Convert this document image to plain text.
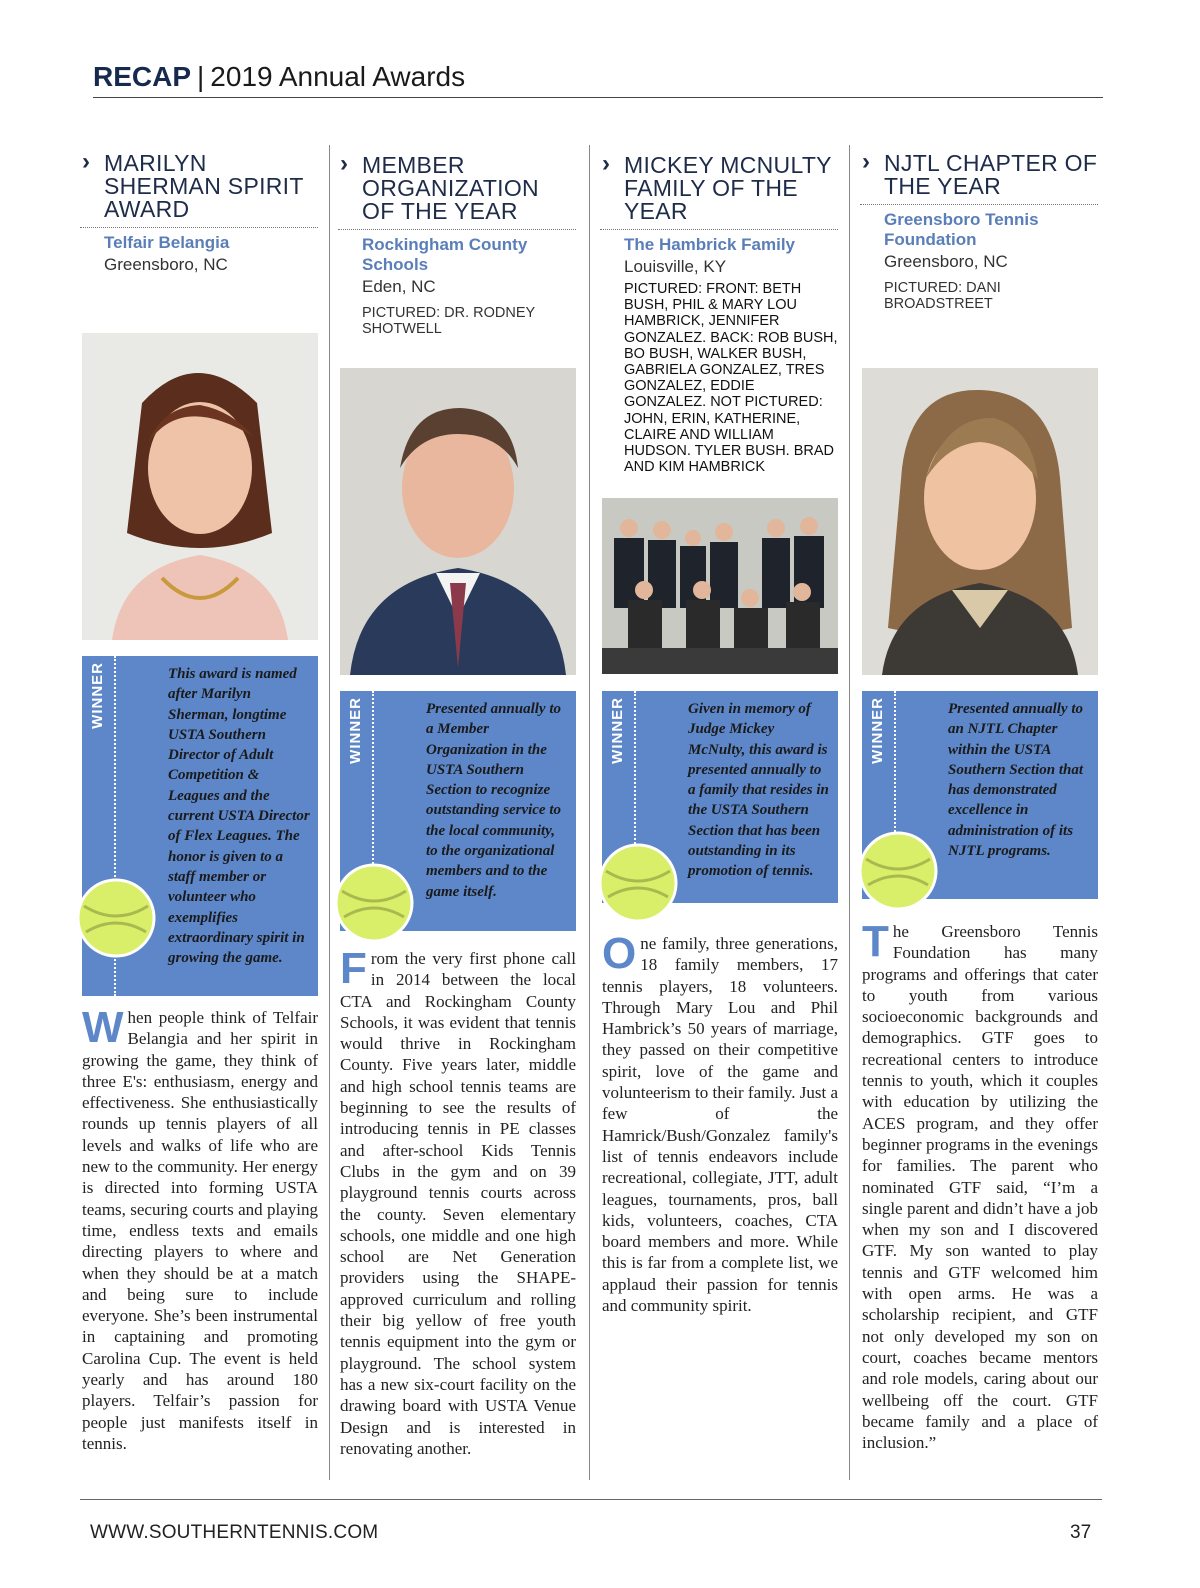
RECAP | 2019 Annual Awards
› MARILYN SHERMAN SPIRIT AWARD
Telfair Belangia
Greensboro, NC
WINNER	This award is named after Marilyn Sherman, longtime USTA Southern Director of Adult Competition & Leagues and the current USTA Director of Flex Leagues. The honor is given to a staff member or volunteer who exemplifies extraordinary spirit in growing the game.
When people think of Telfair Belangia and her spirit in growing the game, they think of three E's: enthusiasm, energy and effectiveness. She enthusiastically rounds up tennis players of all levels and walks of life who are new to the community. Her energy is directed into forming USTA teams, securing courts and playing time, endless texts and emails directing players to where and when they should be at a match and being sure to include everyone. She’s been instrumental in captaining and promoting Carolina Cup. The event is held yearly and has around 180 players. Telfair’s passion for people just manifests itself in tennis.
› MEMBER ORGANIZATION OF THE YEAR
Rockingham County Schools
Eden, NC
PICTURED: DR. RODNEY SHOTWELL
WINNER	Presented annually to a Member Organization in the USTA Southern Section to recognize outstanding service to the local community, to the organizational members and to the game itself.
From the very first phone call in 2014 between the local CTA and Rockingham County Schools, it was evident that tennis would thrive in Rockingham County. Five years later, middle and high school tennis teams are beginning to see the results of introducing tennis in PE classes and after-school Kids Tennis Clubs in the gym and on 39 playground tennis courts across the county. Seven elementary schools, one middle and one high school are Net Generation providers using the SHAPE-approved curriculum and rolling their big yellow of free youth tennis equipment into the gym or playground. The school system has a new six-court facility on the drawing board with USTA Venue Design and is interested in renovating another.
› MICKEY MCNULTY FAMILY OF THE YEAR
The Hambrick Family
Louisville, KY
PICTURED: FRONT: BETH BUSH, PHIL & MARY LOU HAMBRICK, JENNIFER GONZALEZ. BACK: ROB BUSH, BO BUSH, WALKER BUSH, GABRIELA GONZALEZ, TRES GONZALEZ, EDDIE GONZALEZ. NOT PICTURED: JOHN, ERIN, KATHERINE, CLAIRE AND WILLIAM HUDSON. TYLER BUSH. BRAD AND KIM HAMBRICK
WINNER	Given in memory of Judge Mickey McNulty, this award is presented annually to a family that resides in the USTA Southern Section that has been outstanding in its promotion of tennis.
One family, three generations, 18 family members, 17 tennis players, 18 volunteers. Through Mary Lou and Phil Hambrick’s 50 years of marriage, they passed on their competitive spirit, love of the game and volunteerism to their family. Just a few of the Hamrick/Bush/Gonzalez family's list of tennis endeavors include recreational, collegiate, JTT, adult leagues, tournaments, pros, ball kids, volunteers, coaches, CTA board members and more. While this is far from a complete list, we applaud their passion for tennis and community spirit.
› NJTL CHAPTER OF THE YEAR
Greensboro Tennis Foundation
Greensboro, NC
PICTURED: DANI BROADSTREET
WINNER	Presented annually to an NJTL Chapter within the USTA Southern Section that has demonstrated excellence in administration of its NJTL programs.
The Greensboro Tennis Foundation has many programs and offerings that cater to youth from various socioeconomic backgrounds and demographics. GTF goes to recreational centers to introduce tennis to youth, which it couples with education by utilizing the ACES program, and they offer beginner programs in the evenings for families. The parent who nominated GTF said, “I’m a single parent and didn’t have a job when my son and I discovered GTF. My son wanted to play tennis and GTF welcomed him with open arms. He was a scholarship recipient, and GTF not only developed my son on court, coaches became mentors and role models, caring about our wellbeing off the court. GTF became family and a place of inclusion.”
WWW.SOUTHERNTENNIS.COM	37
